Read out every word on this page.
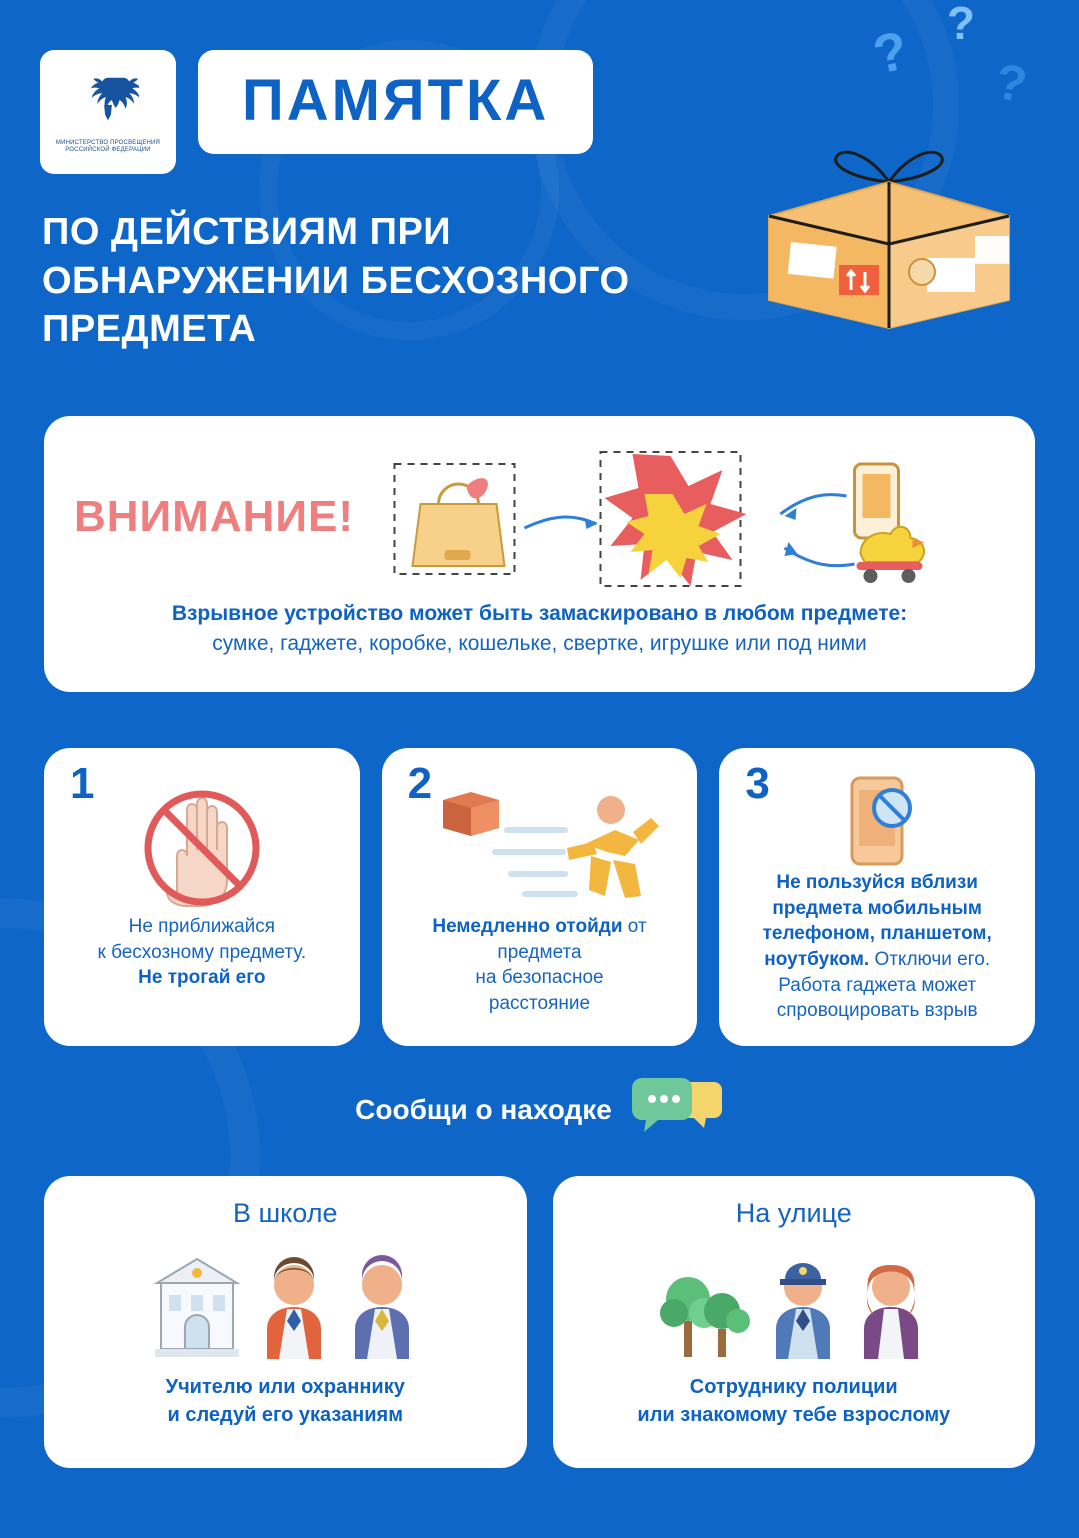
МИНИСТЕРСТВО ПРОСВЕЩЕНИЯ РОССИЙСКОЙ ФЕДЕРАЦИИ
ПАМЯТКА
ПО ДЕЙСТВИЯМ ПРИ ОБНАРУЖЕНИИ БЕСХОЗНОГО ПРЕДМЕТА
? ?
?
ВНИМАНИЕ!
Взрывное устройство может быть замаскировано в любом предмете:
сумке, гаджете, коробке, кошельке, свертке, игрушке или под ними
1
Не приближайся
к бесхозному предмету.
Не трогай его
2
Немедленно отойди от предмета
на безопасное
расстояние
3
Не пользуйся вблизи предмета мобильным телефоном, планшетом, ноутбуком. Отключи его.
Работа гаджета может
спровоцировать взрыв
Сообщи о находке
В школе
Учителю или охраннику
и следуй его указаниям
На улице
Сотруднику полиции
или знакомому тебе взрослому
